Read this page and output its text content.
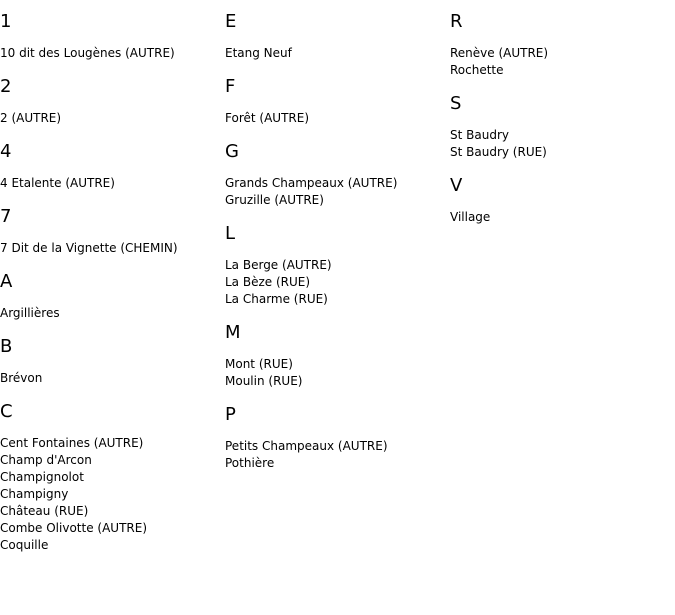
1
10 dit des Lougènes (AUTRE)
2
2 (AUTRE)
4
4 Etalente (AUTRE)
7
7 Dit de la Vignette (CHEMIN)
A
Argillières
B
Brévon
C
Cent Fontaines (AUTRE)
Champ d'Arcon
Champignolot
Champigny
Château (RUE)
Combe Olivotte (AUTRE)
Coquille
E
Etang Neuf
F
Forêt (AUTRE)
G
Grands Champeaux (AUTRE)
Gruzille (AUTRE)
L
La Berge (AUTRE)
La Bèze (RUE)
La Charme (RUE)
M
Mont (RUE)
Moulin (RUE)
P
Petits Champeaux (AUTRE)
Pothière
R
Renève (AUTRE)
Rochette
S
St Baudry
St Baudry (RUE)
V
Village
